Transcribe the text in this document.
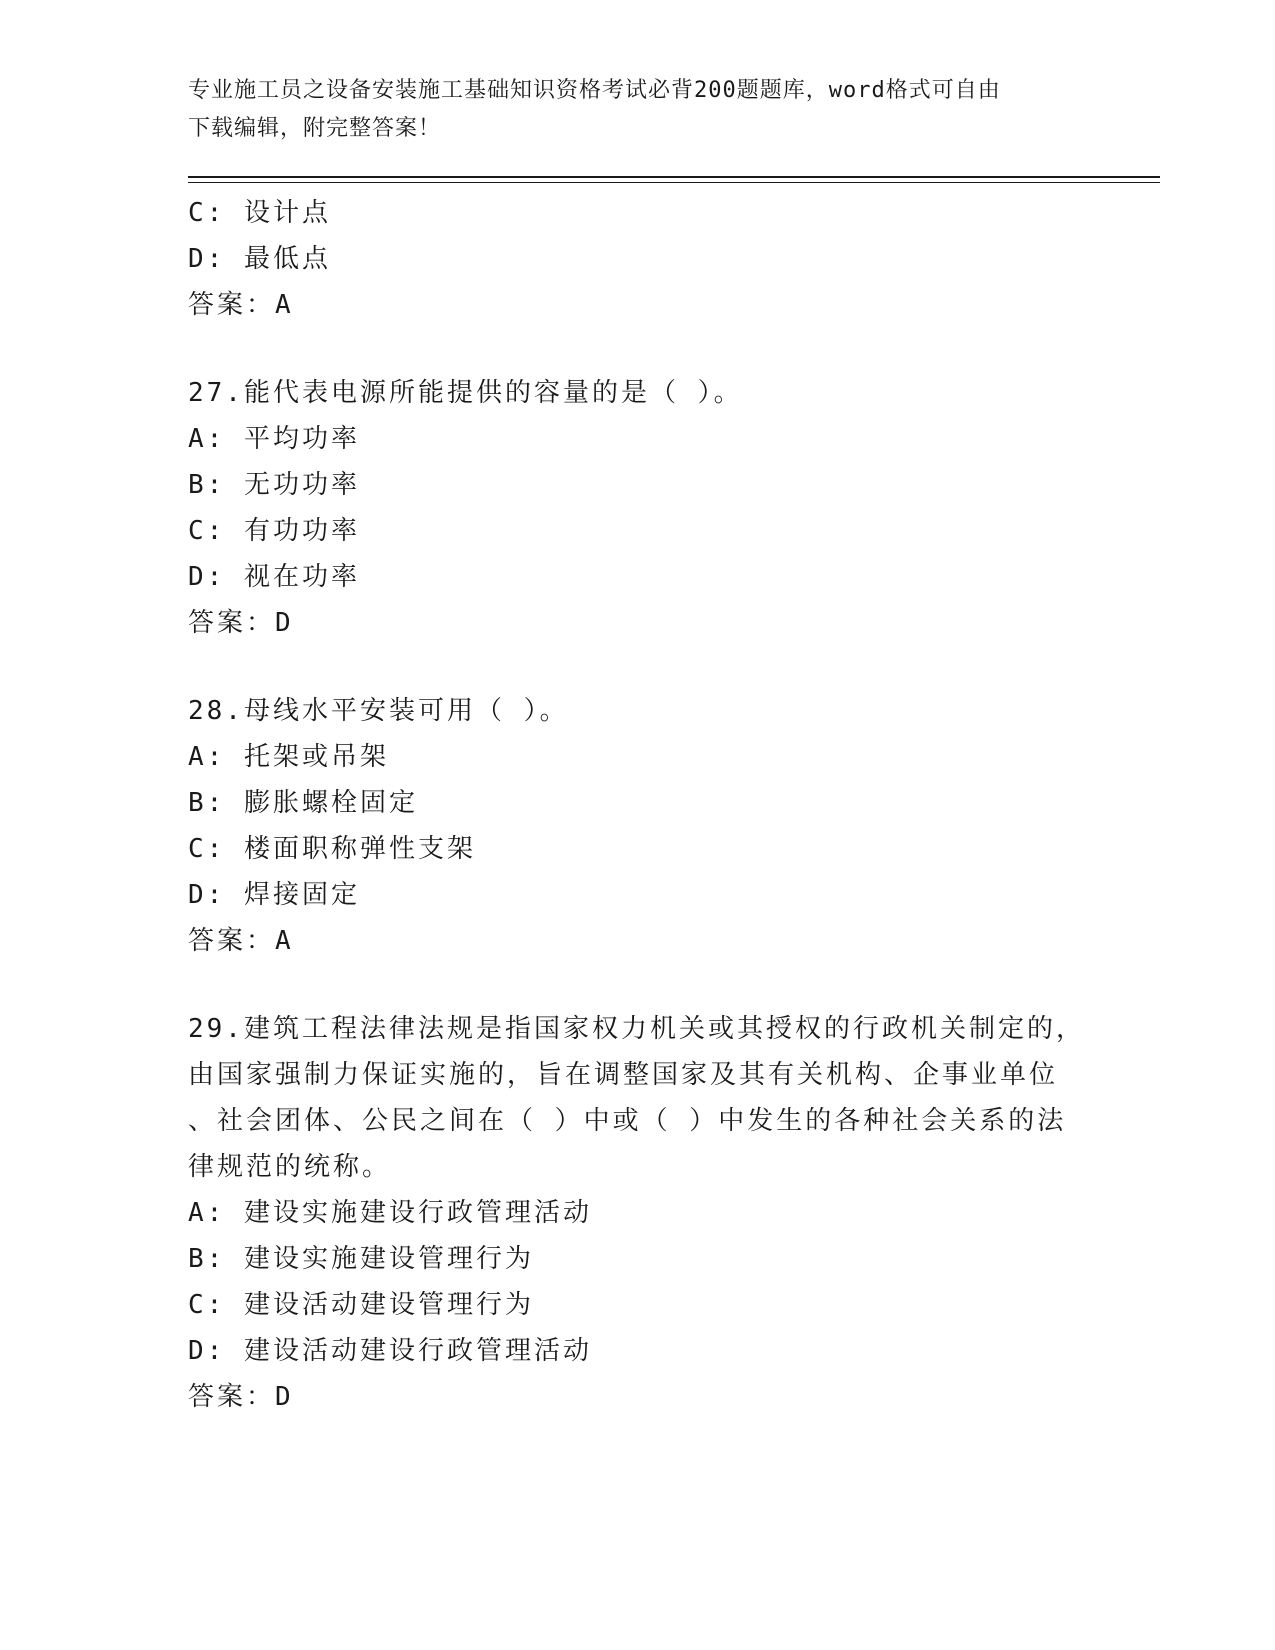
专业施工员之设备安装施工基础知识资格考试必背200题题库，word格式可自由
下载编辑，附完整答案！
C: 设计点
D: 最低点
答案：A
27.能代表电源所能提供的容量的是（ ）。
A: 平均功率
B: 无功功率
C: 有功功率
D: 视在功率
答案：D
28.母线水平安装可用（ ）。
A: 托架或吊架
B: 膨胀螺栓固定
C: 楼面职称弹性支架
D: 焊接固定
答案：A
29.建筑工程法律法规是指国家权力机关或其授权的行政机关制定的，
由国家强制力保证实施的，旨在调整国家及其有关机构、企事业单位
、社会团体、公民之间在（ ）中或（ ）中发生的各种社会关系的法
律规范的统称。
A: 建设实施建设行政管理活动
B: 建设实施建设管理行为
C: 建设活动建设管理行为
D: 建设活动建设行政管理活动
答案：D
